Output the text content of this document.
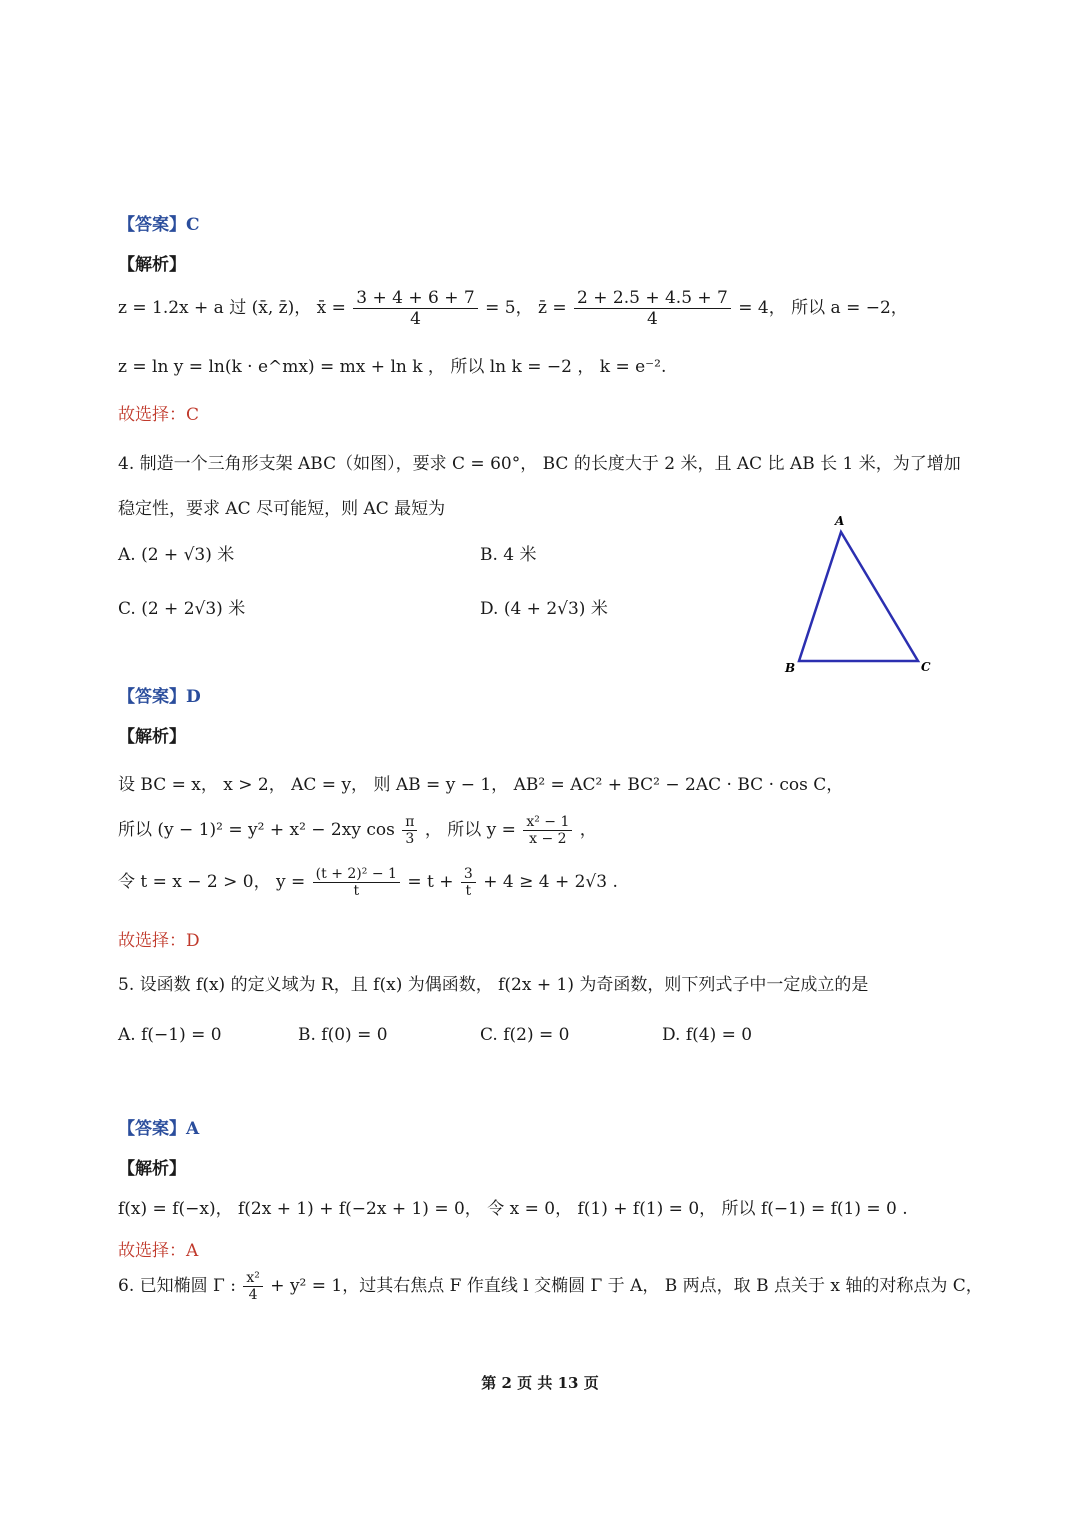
【答案】C
【解析】
z = 1.2x + a 过 (x̄, z̄)， x̄ = $\frac{3 + 4 + 6 + 7}{4} = 5$， z̄ = $\frac{2 + 2.5 + 4.5 + 7}{4} = 4$， 所以 a = −2，
z = ln y = ln(k · e^mx) = mx + ln k ， 所以 ln k = −2 ， k = e⁻².
故选择：C
4. 制造一个三角形支架 ABC（如图），要求 C = 60°， BC 的长度大于 2 米，且 AC 比 AB 长 1 米，为了增加
稳定性，要求 AC 尽可能短，则 AC 最短为
A. (2 + √3) 米	B. 4 米
C. (2 + 2√3) 米	D. (4 + 2√3) 米
A
B	C
【答案】D
【解析】
设 BC = x， x > 2， AC = y， 则 AB = y − 1， AB² = AC² + BC² − 2AC · BC · cos C，
所以 (y − 1)² = y² + x² − 2xy $\cos \frac{\pi}{3}$ ， 所以 $y = \frac{\text{x² − 1}}{x - 2}$ ，
令 t = x − 2 > 0， $y = \frac{\text{(t + 2)² − 1}}{t} = t + \frac{3}{t} + 4 \ge 4 + 2√3$ .
故选择：D
5. 设函数 f(x) 的定义域为 R，且 f(x) 为偶函数， f(2x + 1) 为奇函数，则下列式子中一定成立的是
A. f(−1) = 0	B. f(0) = 0	C. f(2) = 0	D. f(4) = 0
【答案】A
【解析】
f(x) = f(−x)， f(2x + 1) + f(−2x + 1) = 0， 令 x = 0， f(1) + f(1) = 0， 所以 f(−1) = f(1) = 0 .
故选择：A
6. 已知椭圆 Γ : $\frac{\text{x²}}{4} + y^2 = 1$，过其右焦点 F 作直线 l 交椭圆 Γ 于 A， B 两点，取 B 点关于 x 轴的对称点为 C，
第 2 页 共 13 页
